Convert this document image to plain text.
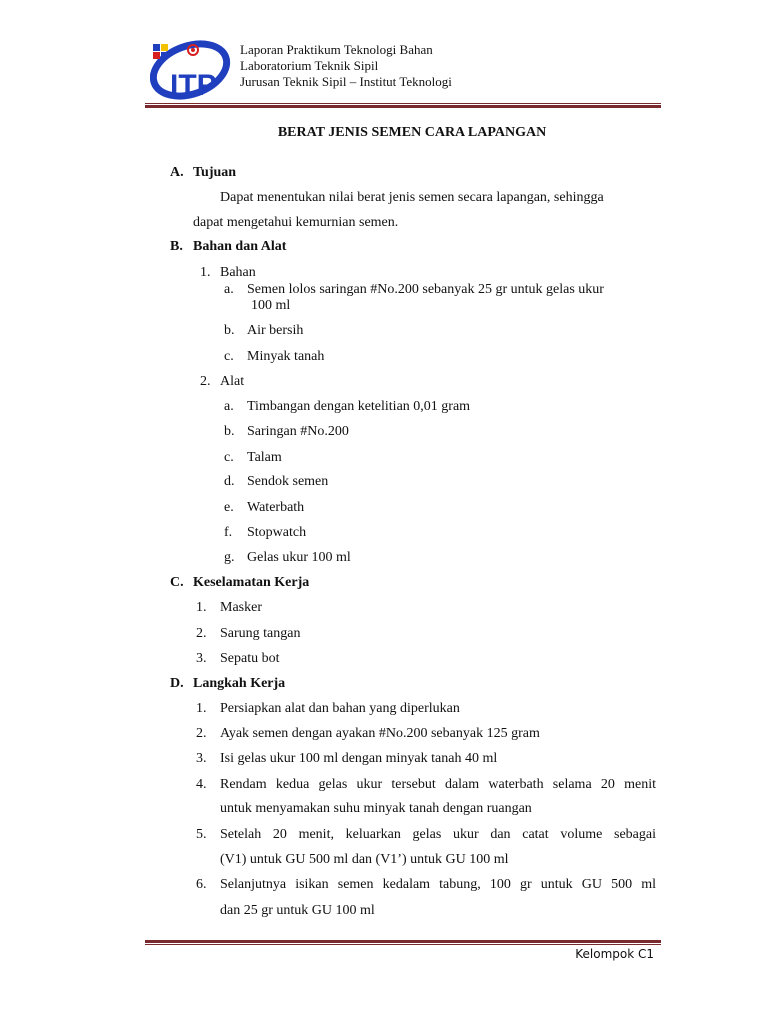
ITP
Laporan Praktikum Teknologi Bahan
Laboratorium Teknik Sipil
Jurusan Teknik Sipil – Institut Teknologi
BERAT JENIS SEMEN CARA LAPANGAN
A. Tujuan
Dapat menentukan nilai berat jenis semen secara lapangan, sehingga
dapat mengetahui kemurnian semen.
B. Bahan dan Alat
1. Bahan
a. Semen lolos saringan #No.200 sebanyak 25 gr untuk gelas ukur
100 ml
b. Air bersih
c. Minyak tanah
2. Alat
a. Timbangan dengan ketelitian 0,01 gram
b. Saringan #No.200
c. Talam
d. Sendok semen
e. Waterbath
f. Stopwatch
g. Gelas ukur 100 ml
C. Keselamatan Kerja
1. Masker
2. Sarung tangan
3. Sepatu bot
D. Langkah Kerja
1. Persiapkan alat dan bahan yang diperlukan
2. Ayak semen dengan ayakan #No.200 sebanyak 125 gram
3. Isi gelas ukur 100 ml dengan minyak tanah 40 ml
4. Rendam kedua gelas ukur tersebut dalam waterbath selama 20 menit
untuk menyamakan suhu minyak tanah dengan ruangan
5. Setelah 20 menit, keluarkan gelas ukur dan catat volume sebagai
(V1) untuk GU 500 ml dan (V1’) untuk GU 100 ml
6. Selanjutnya isikan semen kedalam tabung, 100 gr untuk GU 500 ml
dan 25 gr untuk GU 100 ml
Kelompok C1
